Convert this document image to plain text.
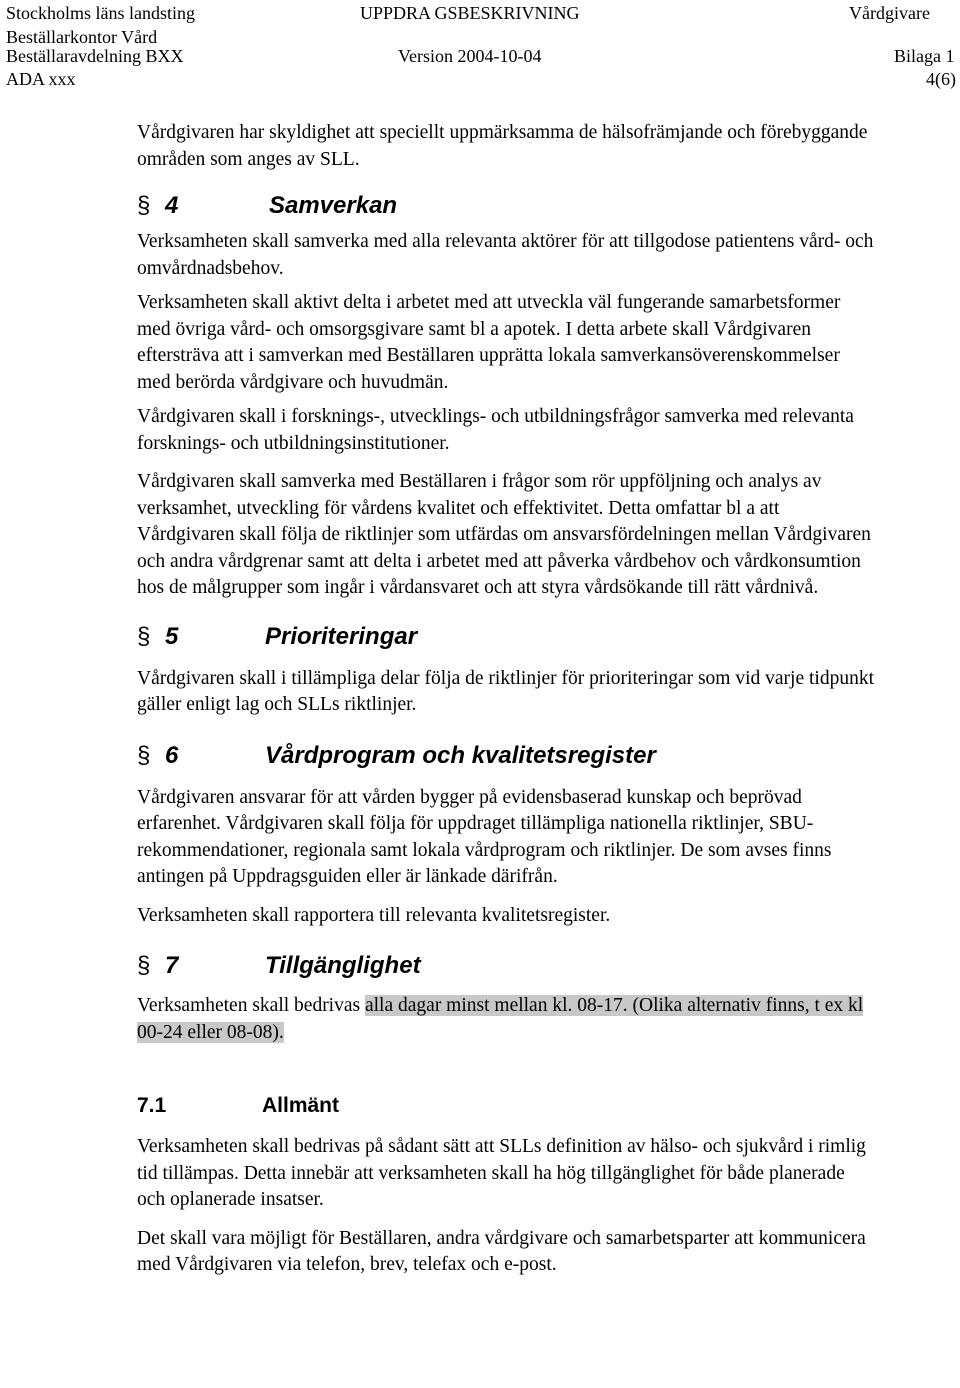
Stockholms läns landsting
Beställarkontor Vård
Beställaravdelning BXX
ADA xxx
UPPDRA GSBESKRIVNING
Version 2004-10-04
Vårdgivare
Bilaga 1
4(6)

Vårdgivaren har skyldighet att speciellt uppmärksamma de hälsofrämjande och förebyggande områden som anges av SLL.

§ 4	Samverkan

Verksamheten skall samverka med alla relevanta aktörer för att tillgodose patientens vård- och omvårdnadsbehov.

Verksamheten skall aktivt delta i arbetet med att utveckla väl fungerande samarbetsformer med övriga vård- och omsorgsgivare samt bl a apotek. I detta arbete skall Vårdgivaren eftersträva att i samverkan med Beställaren upprätta lokala samverkansöverenskommelser med berörda vårdgivare och huvudmän.

Vårdgivaren skall i forsknings-, utvecklings- och utbildningsfrågor samverka med relevanta forsknings- och utbildningsinstitutioner.

Vårdgivaren skall samverka med Beställaren i frågor som rör uppföljning och analys av verksamhet, utveckling för vårdens kvalitet och effektivitet. Detta omfattar bl a att Vårdgivaren skall följa de riktlinjer som utfärdas om ansvarsfördelningen mellan Vårdgivaren och andra vårdgrenar samt att delta i arbetet med att påverka vårdbehov och vårdkonsumtion hos de målgrupper som ingår i vårdansvaret och att styra vårdsökande till rätt vårdnivå.

§ 5	Prioriteringar

Vårdgivaren skall i tillämpliga delar följa de riktlinjer för prioriteringar som vid varje tidpunkt gäller enligt lag och SLLs riktlinjer.

§ 6	Vårdprogram och kvalitetsregister

Vårdgivaren ansvarar för att vården bygger på evidensbaserad kunskap och beprövad erfarenhet. Vårdgivaren skall följa för uppdraget tillämpliga nationella riktlinjer, SBU-rekommendationer, regionala samt lokala vårdprogram och riktlinjer. De som avses finns antingen på Uppdragsguiden eller är länkade därifrån.

Verksamheten skall rapportera till relevanta kvalitetsregister.

§ 7	Tillgänglighet

Verksamheten skall bedrivas alla dagar minst mellan kl. 08-17. (Olika alternativ finns, t ex kl 00-24 eller 08-08).

7.1	Allmänt

Verksamheten skall bedrivas på sådant sätt att SLLs definition av hälso- och sjukvård i rimlig tid tillämpas. Detta innebär att verksamheten skall ha hög tillgänglighet för både planerade och oplanerade insatser.

Det skall vara möjligt för Beställaren, andra vårdgivare och samarbetsparter att kommunicera med Vårdgivaren via telefon, brev, telefax och e-post.
